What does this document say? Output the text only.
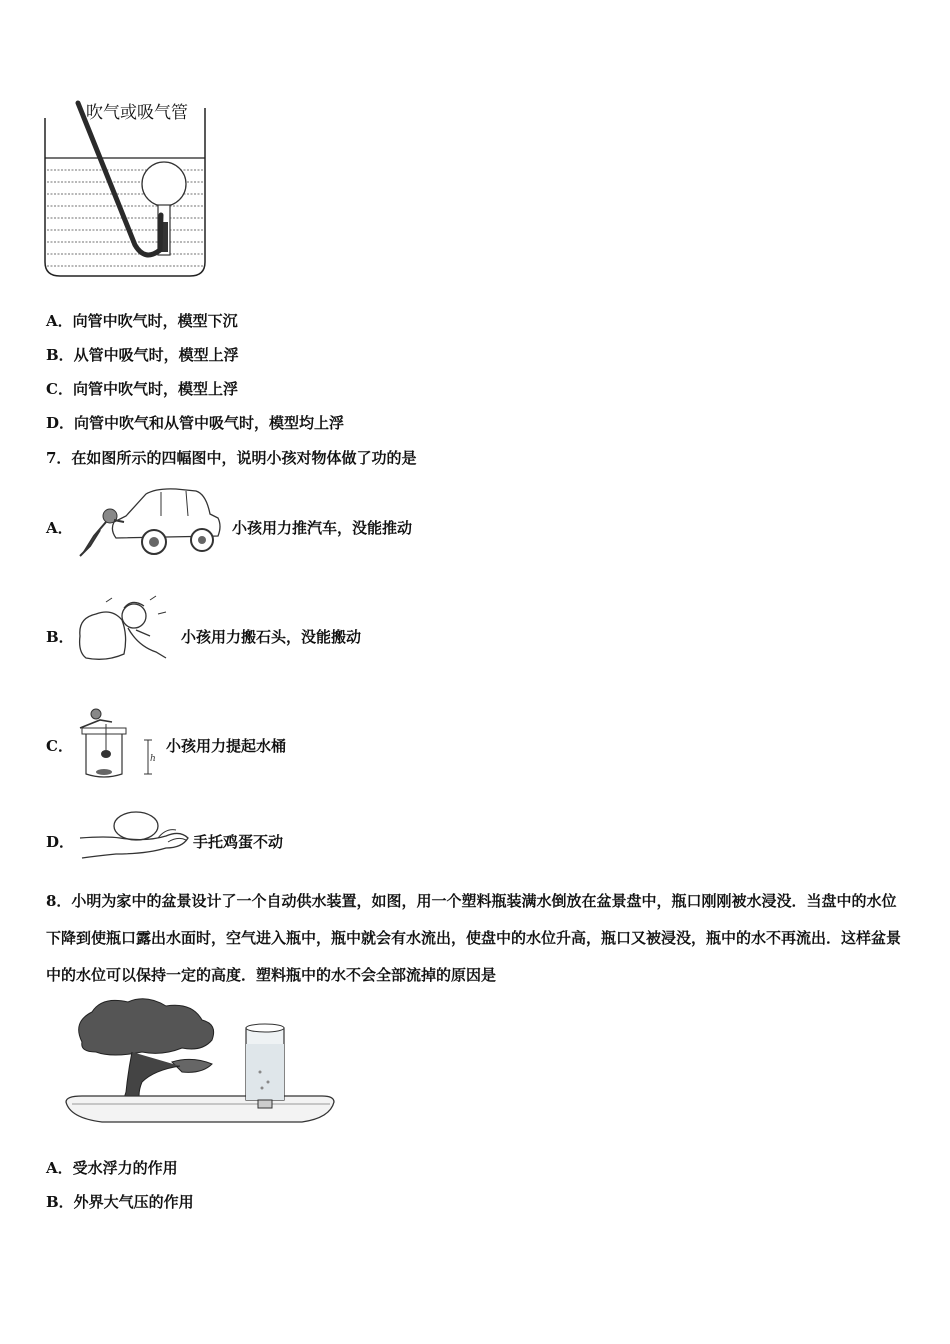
吹气或吸气管
A．向管中吹气时，模型下沉
B．从管中吸气时，模型上浮
C．向管中吹气时，模型上浮
D．向管中吹气和从管中吸气时，模型均上浮
7．在如图所示的四幅图中，说明小孩对物体做了功的是
A．	小孩用力推汽车，没能推动
B．	小孩用力搬石头，没能搬动
C．
h
小孩用力提起水桶
D．	手托鸡蛋不动
8．小明为家中的盆景设计了一个自动供水装置，如图，用一个塑料瓶装满水倒放在盆景盘中，瓶口刚刚被水浸没．当盘中的水位下降到使瓶口露出水面时，空气进入瓶中，瓶中就会有水流出，使盘中的水位升高，瓶口又被浸没，瓶中的水不再流出．这样盆景中的水位可以保持一定的高度．塑料瓶中的水不会全部流掉的原因是
A．受水浮力的作用
B．外界大气压的作用
